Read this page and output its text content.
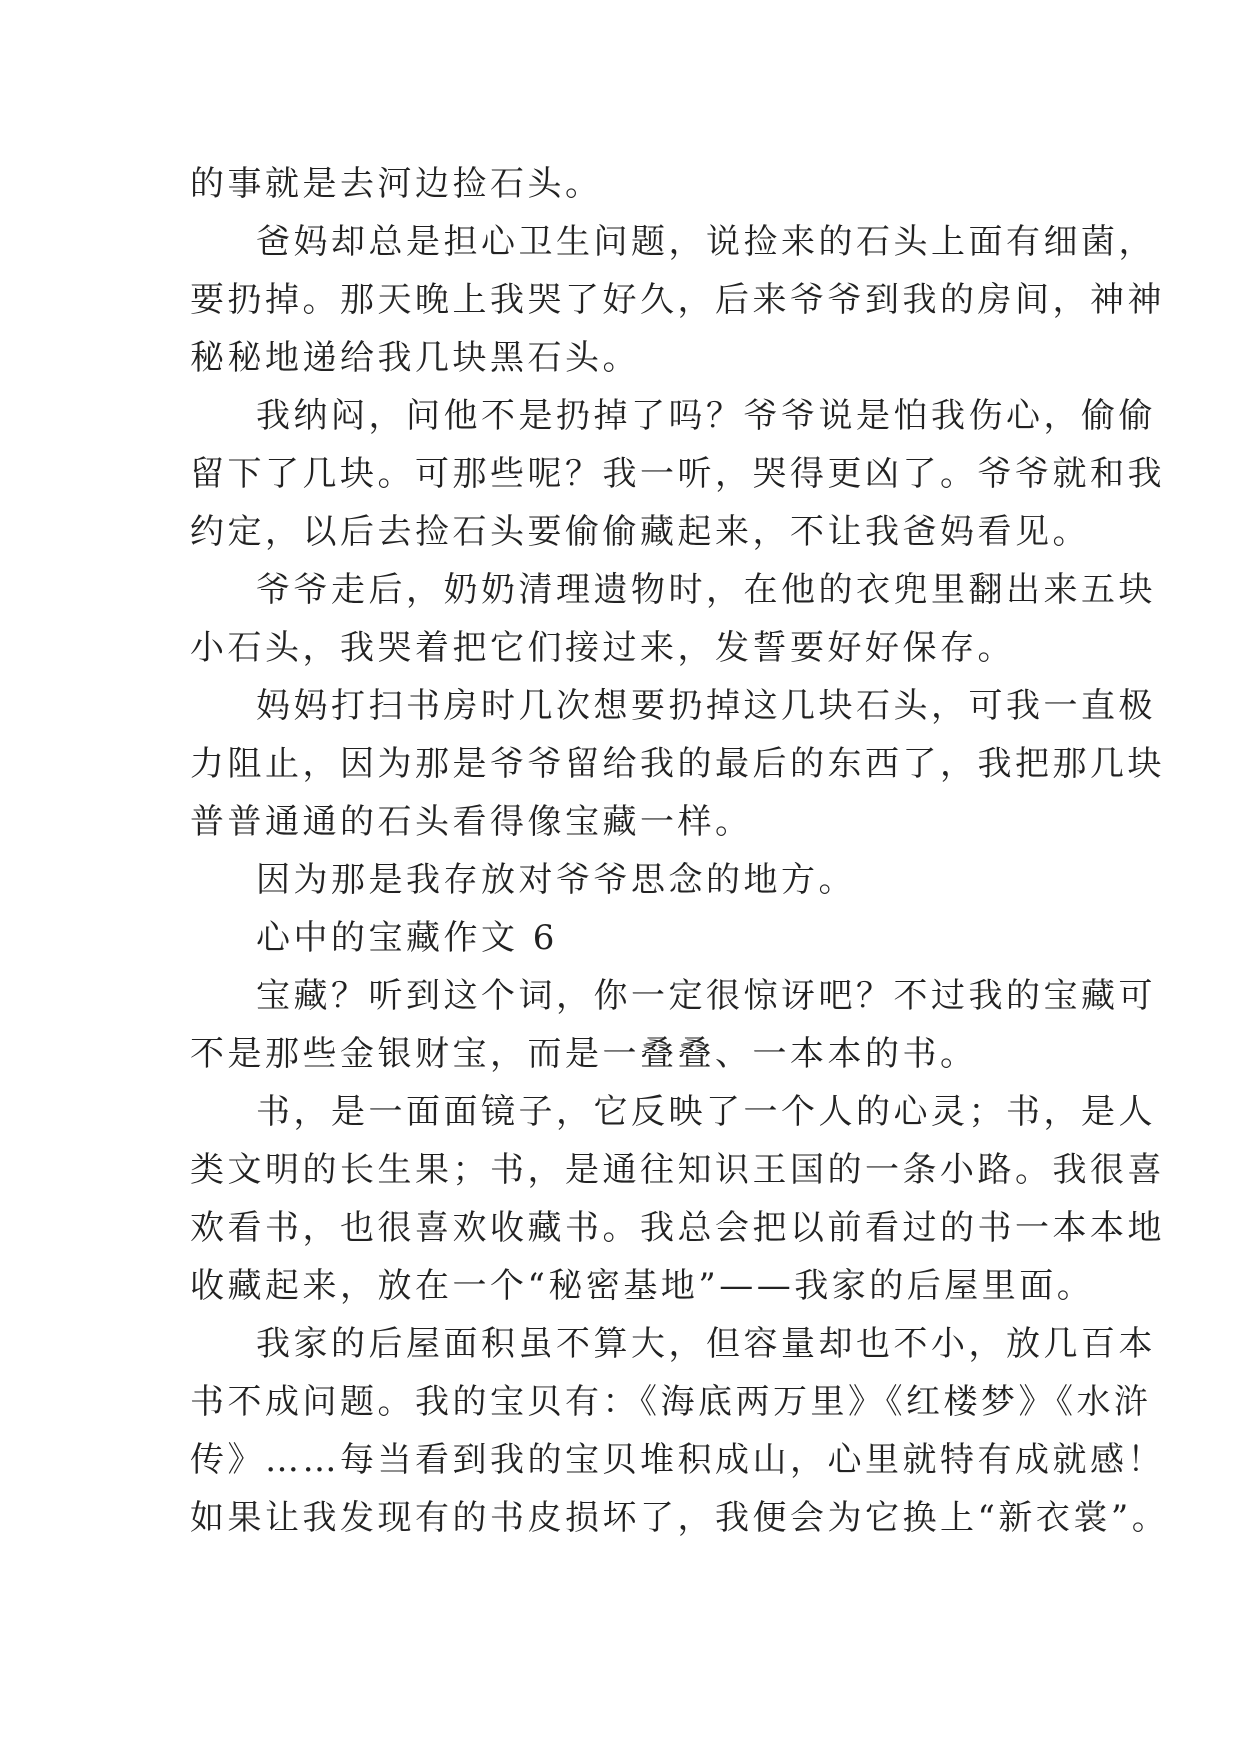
的事就是去河边捡石头。
爸妈却总是担心卫生问题，说捡来的石头上面有细菌，
要扔掉。那天晚上我哭了好久，后来爷爷到我的房间，神神
秘秘地递给我几块黑石头。
我纳闷，问他不是扔掉了吗？爷爷说是怕我伤心，偷偷
留下了几块。可那些呢？我一听，哭得更凶了。爷爷就和我
约定，以后去捡石头要偷偷藏起来，不让我爸妈看见。
爷爷走后，奶奶清理遗物时，在他的衣兜里翻出来五块
小石头，我哭着把它们接过来，发誓要好好保存。
妈妈打扫书房时几次想要扔掉这几块石头，可我一直极
力阻止，因为那是爷爷留给我的最后的东西了，我把那几块
普普通通的石头看得像宝藏一样。
因为那是我存放对爷爷思念的地方。
心中的宝藏作文 6
宝藏？听到这个词，你一定很惊讶吧？不过我的宝藏可
不是那些金银财宝，而是一叠叠、一本本的书。
书，是一面面镜子，它反映了一个人的心灵；书，是人
类文明的长生果；书，是通往知识王国的一条小路。我很喜
欢看书，也很喜欢收藏书。我总会把以前看过的书一本本地
收藏起来，放在一个“秘密基地”——我家的后屋里面。
我家的后屋面积虽不算大，但容量却也不小，放几百本
书不成问题。我的宝贝有：《海底两万里》《红楼梦》《水浒
传》……每当看到我的宝贝堆积成山，心里就特有成就感！
如果让我发现有的书皮损坏了，我便会为它换上“新衣裳”。
